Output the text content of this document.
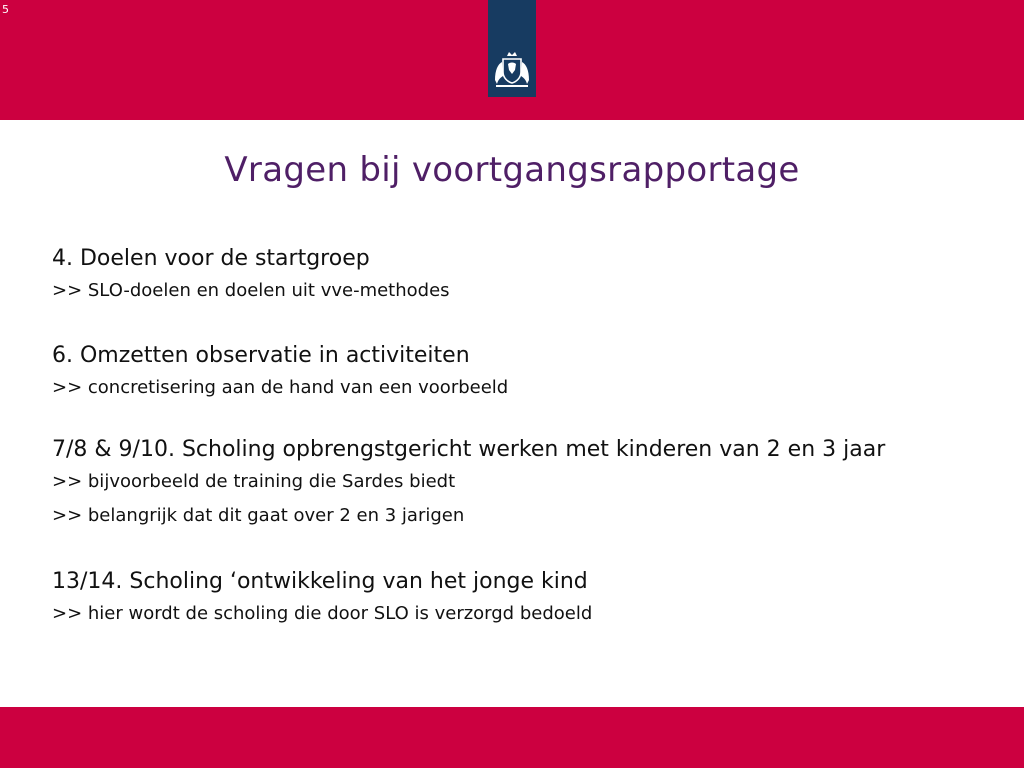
5
Vragen bij voortgangsrapportage
4. Doelen voor de startgroep
>> SLO-doelen en doelen uit vve-methodes
6. Omzetten observatie in activiteiten
>> concretisering aan de hand van een voorbeeld
7/8 & 9/10. Scholing opbrengstgericht werken met kinderen van 2 en 3 jaar
>> bijvoorbeeld de training die Sardes biedt
>> belangrijk dat dit gaat over 2 en 3 jarigen
13/14. Scholing ‘ontwikkeling van het jonge kind
>> hier wordt de scholing die door SLO is verzorgd bedoeld
